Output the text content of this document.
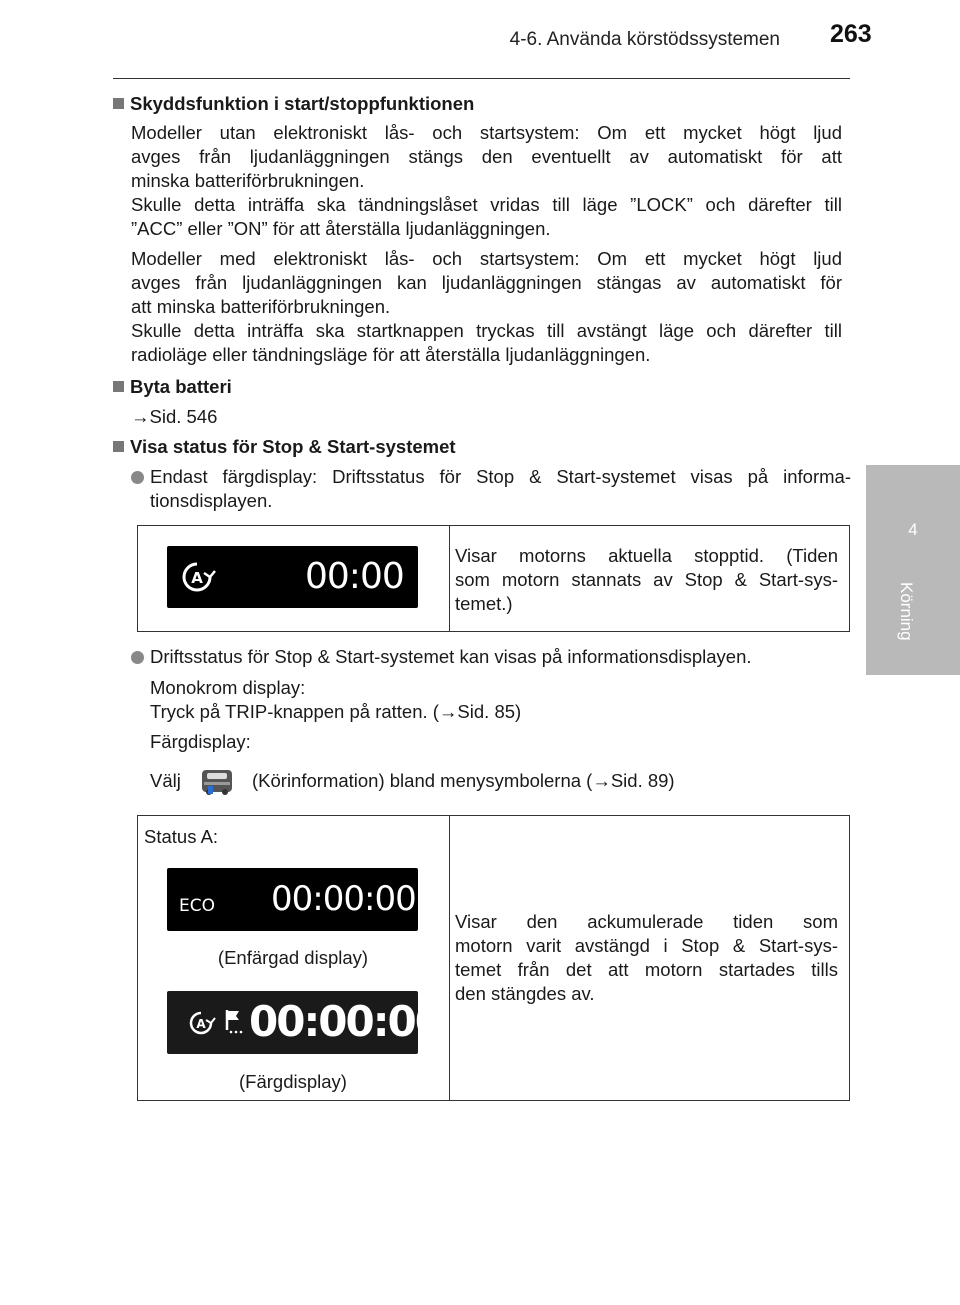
4-6. Använda körstödssystemen 263
4
Körning
Skyddsfunktion i start/stoppfunktionen
Modeller utan elektroniskt lås- och startsystem: Om ett mycket högt ljud
avges från ljudanläggningen stängs den eventuellt av automatiskt för att
minska batteriförbrukningen.
Skulle detta inträffa ska tändningslåset vridas till läge ”LOCK” och därefter till
”ACC” eller ”ON” för att återställa ljudanläggningen.
Modeller med elektroniskt lås- och startsystem: Om ett mycket högt ljud
avges från ljudanläggningen kan ljudanläggningen stängas av automatiskt för
att minska batteriförbrukningen.
Skulle detta inträffa ska startknappen tryckas till avstängt läge och därefter till
radioläge eller tändningsläge för att återställa ljudanläggningen.
Byta batteri
→Sid. 546
Visa status för Stop & Start-systemet
Endast färgdisplay: Driftsstatus för Stop & Start-systemet visas på informa-
tionsdisplayen.
A	00:00
Visar motorns aktuella stopptid. (Tiden
som motorn stannats av Stop & Start-sys-
temet.)
Driftsstatus för Stop & Start-systemet kan visas på informationsdisplayen.
Monokrom display:
Tryck på TRIP-knappen på ratten. (→Sid. 85)
Färgdisplay:
Välj	(Körinformation) bland menysymbolerna (→Sid. 89)
Status A:
ECO 00:00:00
(Enfärgad display)
A 00:00:00
(Färgdisplay)
Visar den ackumulerade tiden som
motorn varit avstängd i Stop & Start-sys-
temet från det att motorn startades tills
den stängdes av.
